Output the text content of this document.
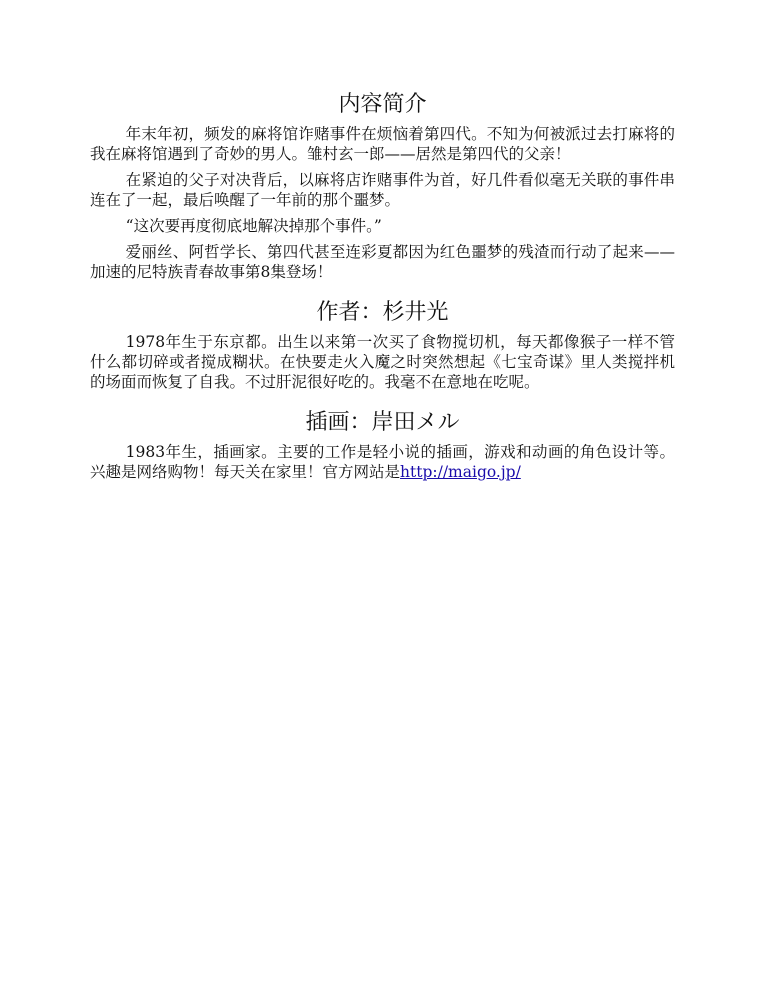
内容简介

年末年初，频发的麻将馆诈赌事件在烦恼着第四代。不知为何被派过去打麻将的我在麻将馆遇到了奇妙的男人。雏村玄一郎——居然是第四代的父亲！

在紧迫的父子对决背后，以麻将店诈赌事件为首，好几件看似毫无关联的事件串连在了一起，最后唤醒了一年前的那个噩梦。

“这次要再度彻底地解决掉那个事件。”

爱丽丝、阿哲学长、第四代甚至连彩夏都因为红色噩梦的残渣而行动了起来——加速的尼特族青春故事第8集登场！

作者：杉井光

1978年生于东京都。出生以来第一次买了食物搅切机，每天都像猴子一样不管什么都切碎或者搅成糊状。在快要走火入魔之时突然想起《七宝奇谋》里人类搅拌机的场面而恢复了自我。不过肝泥很好吃的。我毫不在意地在吃呢。

插画：岸田メル

1983年生，插画家。主要的工作是轻小说的插画，游戏和动画的角色设计等。兴趣是网络购物！每天关在家里！官方网站是http://maigo.jp/
